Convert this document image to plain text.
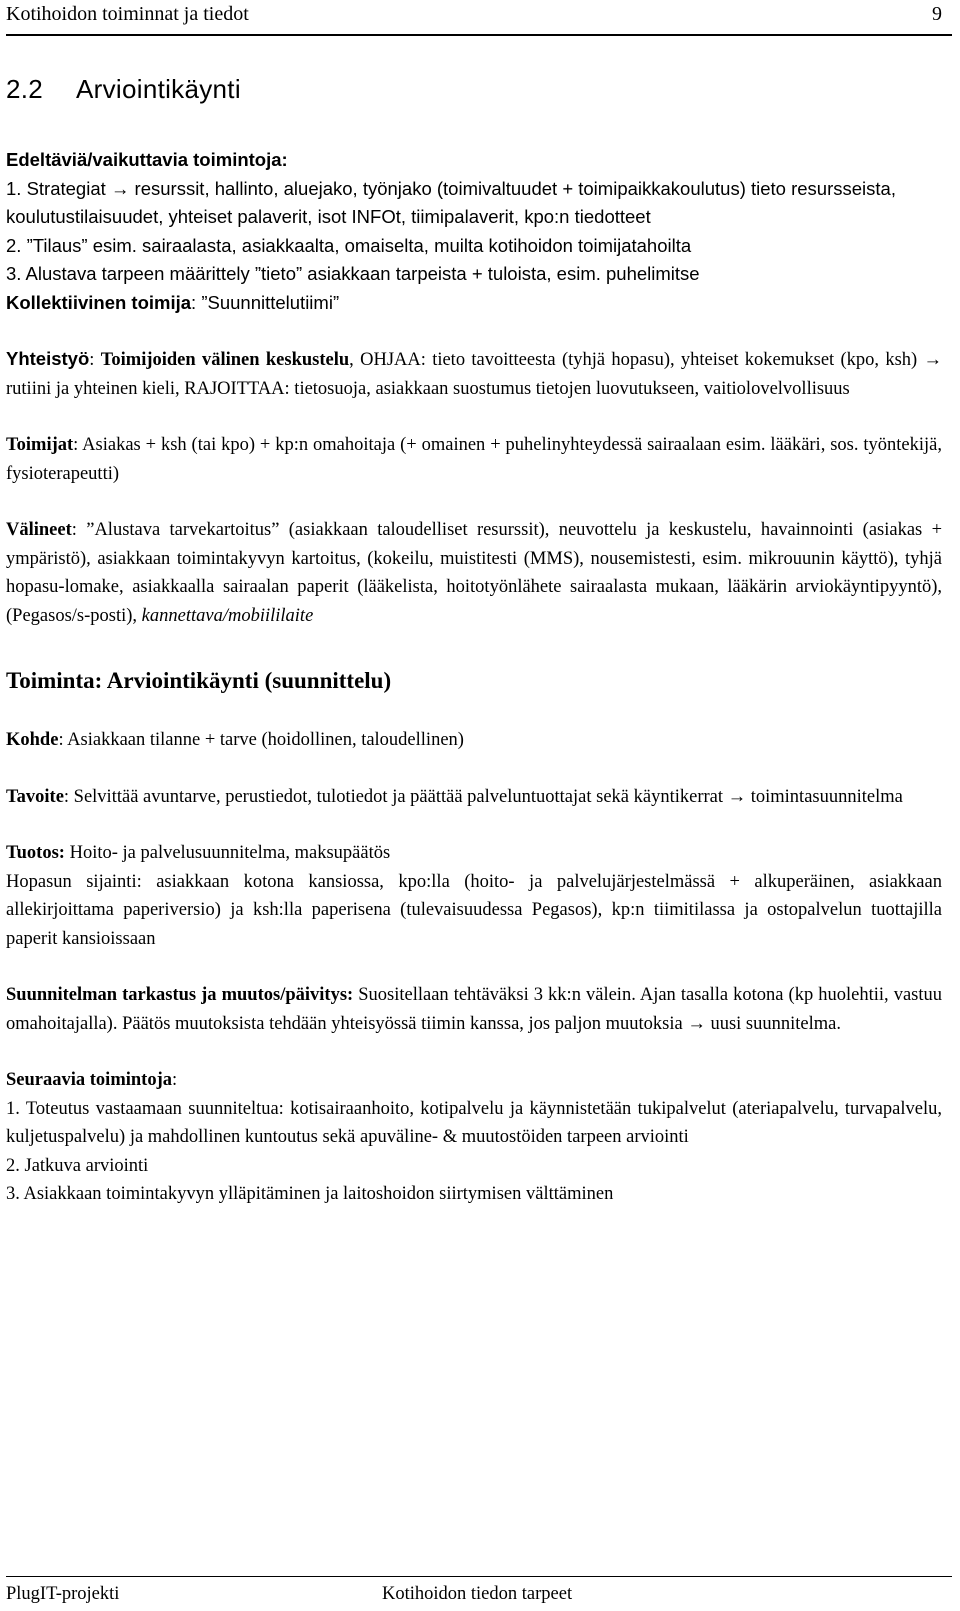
Kotihoidon toiminnat ja tiedot	9
2.2 Arviointikäynti

Edeltäviä/vaikuttavia toimintoja:

1. Strategiat → resurssit, hallinto, aluejako, työnjako (toimivaltuudet + toimipaikkakoulutus) tieto resursseista, koulutustilaisuudet, yhteiset palaverit, isot INFOt, tiimipalaverit, kpo:n tiedotteet

2. ”Tilaus” esim. sairaalasta, asiakkaalta, omaiselta, muilta kotihoidon toimijatahoilta

3. Alustava tarpeen määrittely ”tieto” asiakkaan tarpeista + tuloista, esim. puhelimitse

Kollektiivinen toimija: ”Suunnittelutiimi”

Yhteistyö: Toimijoiden välinen keskustelu, OHJAA: tieto tavoitteesta (tyhjä hopasu), yhteiset kokemukset (kpo, ksh) → rutiini ja yhteinen kieli, RAJOITTAA: tietosuoja, asiakkaan suostumus tietojen luovutukseen, vaitiolovelvollisuus

Toimijat: Asiakas + ksh (tai kpo) + kp:n omahoitaja (+ omainen + puhelinyhteydessä sairaalaan esim. lääkäri, sos. työntekijä, fysioterapeutti)

Välineet: ”Alustava tarvekartoitus” (asiakkaan taloudelliset resurssit), neuvottelu ja keskustelu, havainnointi (asiakas + ympäristö), asiakkaan toimintakyvyn kartoitus, (kokeilu, muistitesti (MMS), nousemistesti, esim. mikrouunin käyttö), tyhjä hopasu-lomake, asiakkaalla sairaalan paperit (lääkelista, hoitotyönlähete sairaalasta mukaan, lääkärin arviokäyntipyyntö), (Pegasos/s-posti), kannettava/mobiililaite

Toiminta: Arviointikäynti (suunnittelu)

Kohde: Asiakkaan tilanne + tarve (hoidollinen, taloudellinen)

Tavoite: Selvittää avuntarve, perustiedot, tulotiedot ja päättää palveluntuottajat sekä käyntikerrat → toimintasuunnitelma

Tuotos: Hoito- ja palvelusuunnitelma, maksupäätös

Hopasun sijainti: asiakkaan kotona kansiossa, kpo:lla (hoito- ja palvelujärjestelmässä + alkuperäinen, asiakkaan allekirjoittama paperiversio) ja ksh:lla paperisena (tulevaisuudessa Pegasos), kp:n tiimitilassa ja ostopalvelun tuottajilla paperit kansioissaan

Suunnitelman tarkastus ja muutos/päivitys: Suositellaan tehtäväksi 3 kk:n välein. Ajan tasalla kotona (kp huolehtii, vastuu omahoitajalla). Päätös muutoksista tehdään yhteisyössä tiimin kanssa, jos paljon muutoksia → uusi suunnitelma.

Seuraavia toimintoja:

1. Toteutus vastaamaan suunniteltua: kotisairaanhoito, kotipalvelu ja käynnistetään tukipalvelut (ateriapalvelu, turvapalvelu, kuljetuspalvelu) ja mahdollinen kuntoutus sekä apuväline- & muutostöiden tarpeen arviointi

2. Jatkuva arviointi

3. Asiakkaan toimintakyvyn ylläpitäminen ja laitoshoidon siirtymisen välttäminen

PlugIT-projekti	Kotihoidon tiedon tarpeet
